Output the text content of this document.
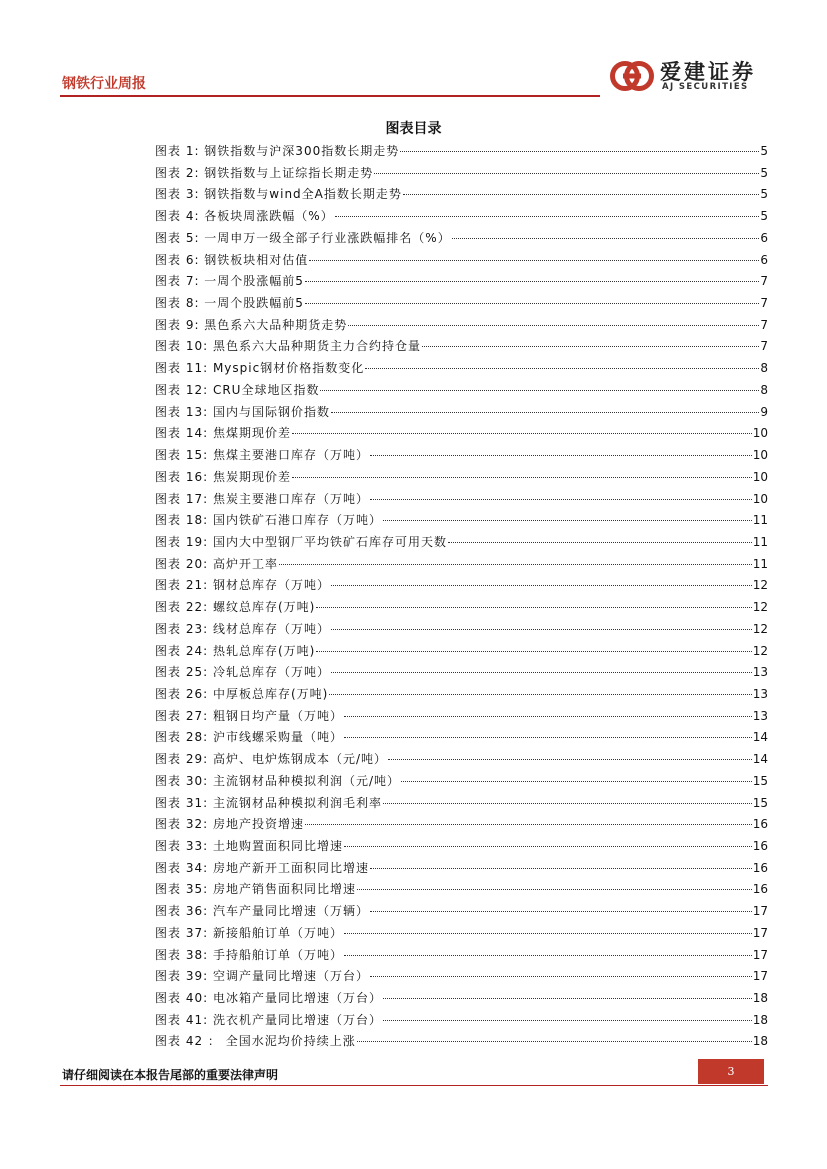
钢铁行业周报	爱建证券
AJ SECURITIES
图表目录
图表 1: 钢铁指数与沪深300指数长期走势	5
图表 2: 钢铁指数与上证综指长期走势	5
图表 3: 钢铁指数与wind全A指数长期走势	5
图表 4: 各板块周涨跌幅（%）	5
图表 5: 一周申万一级全部子行业涨跌幅排名（%）	6
图表 6: 钢铁板块相对估值	6
图表 7: 一周个股涨幅前5	7
图表 8: 一周个股跌幅前5	7
图表 9: 黑色系六大品种期货走势	7
图表 10: 黑色系六大品种期货主力合约持仓量	7
图表 11: Myspic钢材价格指数变化	8
图表 12: CRU全球地区指数	8
图表 13: 国内与国际钢价指数	9
图表 14: 焦煤期现价差	10
图表 15: 焦煤主要港口库存（万吨）	10
图表 16: 焦炭期现价差	10
图表 17: 焦炭主要港口库存（万吨）	10
图表 18: 国内铁矿石港口库存（万吨）	11
图表 19: 国内大中型钢厂平均铁矿石库存可用天数	11
图表 20: 高炉开工率	11
图表 21: 钢材总库存（万吨）	12
图表 22: 螺纹总库存(万吨)	12
图表 23: 线材总库存（万吨）	12
图表 24: 热轧总库存(万吨)	12
图表 25: 冷轧总库存（万吨）	13
图表 26: 中厚板总库存(万吨)	13
图表 27: 粗钢日均产量（万吨）	13
图表 28: 沪市线螺采购量（吨）	14
图表 29: 高炉、电炉炼钢成本（元/吨）	14
图表 30: 主流钢材品种模拟利润（元/吨）	15
图表 31: 主流钢材品种模拟利润毛利率	15
图表 32: 房地产投资增速	16
图表 33: 土地购置面积同比增速	16
图表 34: 房地产新开工面积同比增速	16
图表 35: 房地产销售面积同比增速	16
图表 36: 汽车产量同比增速（万辆）	17
图表 37: 新接船舶订单（万吨）	17
图表 38: 手持船舶订单（万吨）	17
图表 39: 空调产量同比增速（万台）	17
图表 40: 电冰箱产量同比增速（万台）	18
图表 41: 洗衣机产量同比增速（万台）	18
图表 42 ： 全国水泥均价持续上涨	18
请仔细阅读在本报告尾部的重要法律声明	3
